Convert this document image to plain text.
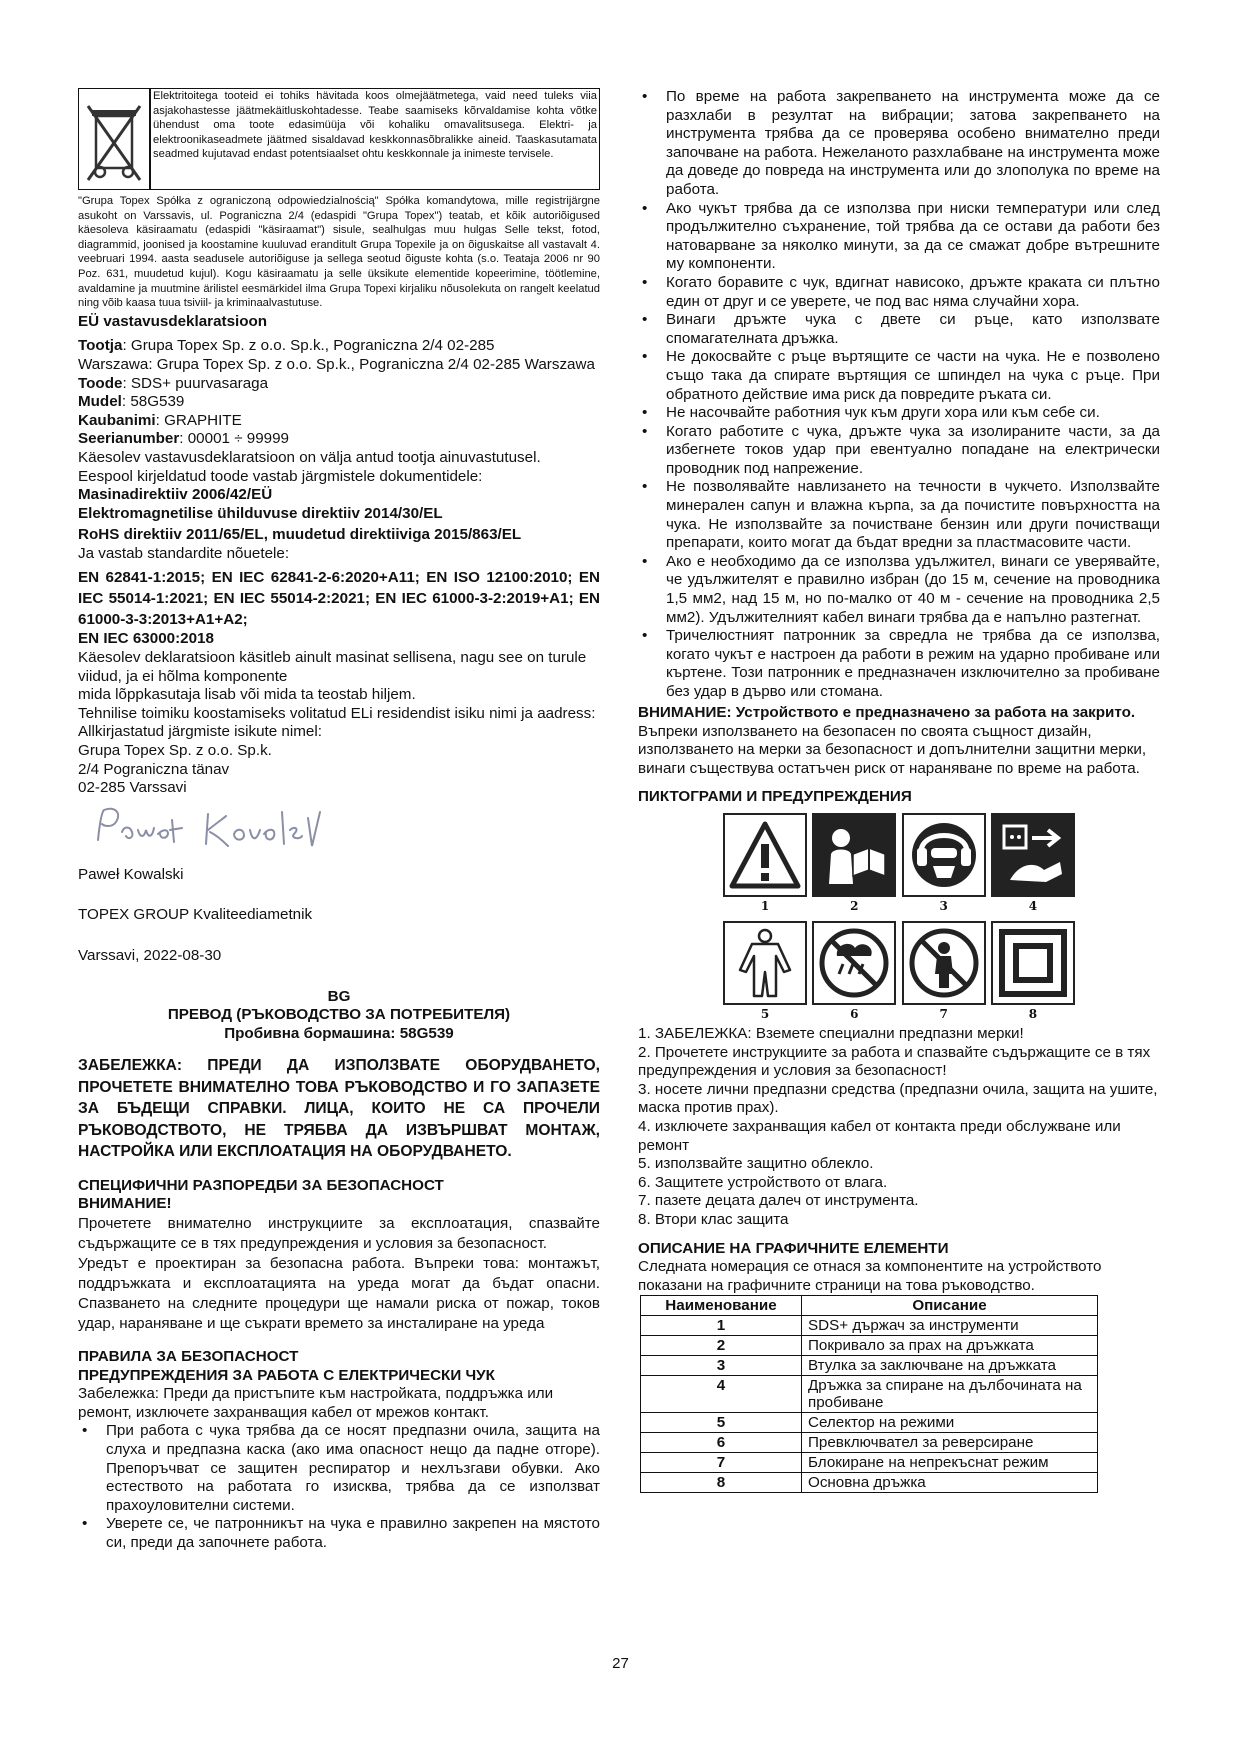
Elektritoitega tooteid ei tohiks hävitada koos olmejäätmetega, vaid need tuleks viia asjakohastesse jäätmekäitluskohtadesse. Teabe saamiseks kõrvaldamise kohta võtke ühendust oma toote edasimüüja või kohaliku omavalitsusega. Elektri- ja elektroonikaseadmete jäätmed sisaldavad keskkonnasõbralikke aineid. Taaskasutamata seadmed kujutavad endast potentsiaalset ohtu keskkonnale ja inimeste tervisele.

"Grupa Topex Spółka z ograniczoną odpowiedzialnością" Spółka komandytowa, mille registrijärgne asukoht on Varssavis, ul. Pograniczna 2/4 (edaspidi "Grupa Topex") teatab, et kõik autoriõigused käesoleva käsiraamatu (edaspidi "käsiraamat") sisule, sealhulgas muu hulgas Selle tekst, fotod, diagrammid, joonised ja koostamine kuuluvad eranditult Grupa Topexile ja on õiguskaitse all vastavalt 4. veebruari 1994. aasta seadusele autoriõiguse ja sellega seotud õiguste kohta (s.o. Teataja 2006 nr 90 Poz. 631, muudetud kujul). Kogu käsiraamatu ja selle üksikute elementide kopeerimine, töötlemine, avaldamine ja muutmine ärilistel eesmärkidel ilma Grupa Topexi kirjaliku nõusolekuta on rangelt keelatud ning võib kaasa tuua tsiviil- ja kriminaalvastutuse.

EÜ vastavusdeklaratsioon

Tootja: Grupa Topex Sp. z o.o. Sp.k., Pograniczna 2/4 02-285

Warszawa: Grupa Topex Sp. z o.o. Sp.k., Pograniczna 2/4 02-285 Warszawa

Toode: SDS+ puurvasaraga

Mudel: 58G539

Kaubanimi: GRAPHITE

Seerianumber: 00001 ÷ 99999

Käesolev vastavusdeklaratsioon on välja antud tootja ainuvastutusel.

Eespool kirjeldatud toode vastab järgmistele dokumentidele:

Masinadirektiiv 2006/42/EÜ

Elektromagnetilise ühilduvuse direktiiv 2014/30/EL

RoHS direktiiv 2011/65/EL, muudetud direktiiviga 2015/863/EL

Ja vastab standardite nõuetele:

EN 62841-1:2015; EN IEC 62841-2-6:2020+A11; EN ISO 12100:2010; EN IEC 55014-1:2021; EN IEC 55014-2:2021; EN IEC 61000-3-2:2019+A1; EN 61000-3-3:2013+A1+A2;

EN IEC 63000:2018

Käesolev deklaratsioon käsitleb ainult masinat sellisena, nagu see on turule viidud, ja ei hõlma komponente

mida lõppkasutaja lisab või mida ta teostab hiljem.

Tehnilise toimiku koostamiseks volitatud ELi residendist isiku nimi ja aadress:

Allkirjastatud järgmiste isikute nimel:

Grupa Topex Sp. z o.o. Sp.k.

2/4 Pograniczna tänav

02-285 Varssavi

Paweł Kowalski

TOPEX GROUP Kvaliteediametnik

Varssavi, 2022-08-30

BG

ПРЕВОД (РЪКОВОДСТВО ЗА ПОТРЕБИТЕЛЯ)

Пробивна бормашина: 58G539

ЗАБЕЛЕЖКА: ПРЕДИ ДА ИЗПОЛЗВАТЕ ОБОРУДВАНЕТО, ПРОЧЕТЕТЕ ВНИМАТЕЛНО ТОВА РЪКОВОДСТВО И ГО ЗАПАЗЕТЕ ЗА БЪДЕЩИ СПРАВКИ. ЛИЦА, КОИТО НЕ СА ПРОЧЕЛИ РЪКОВОДСТВОТО, НЕ ТРЯБВА ДА ИЗВЪРШВАТ МОНТАЖ, НАСТРОЙКА ИЛИ ЕКСПЛОАТАЦИЯ НА ОБОРУДВАНЕТО.

СПЕЦИФИЧНИ РАЗПОРЕДБИ ЗА БЕЗОПАСНОСТ

ВНИМАНИЕ!

Прочетете внимателно инструкциите за експлоатация, спазвайте съдържащите се в тях предупреждения и условия за безопасност.

Уредът е проектиран за безопасна работа. Въпреки това: монтажът, поддръжката и експлоатацията на уреда могат да бъдат опасни. Спазването на следните процедури ще намали риска от пожар, токов удар, нараняване и ще съкрати времето за инсталиране на уреда

ПРАВИЛА ЗА БЕЗОПАСНОСТ

ПРЕДУПРЕЖДЕНИЯ ЗА РАБОТА С ЕЛЕКТРИЧЕСКИ ЧУК

Забележка: Преди да пристъпите към настройката, поддръжка или ремонт, изключете захранващия кабел от мрежов контакт.

• При работа с чука трябва да се носят предпазни очила, защита на слуха и предпазна каска (ако има опасност нещо да падне отгоре). Препоръчват се защитен респиратор и нехлъзгави обувки. Ако естеството на работата го изисква, трябва да се използват прахоуловителни системи.
• Уверете се, че патронникът на чука е правилно закрепен на мястото си, преди да започнете работа.
• По време на работа закрепването на инструмента може да се разхлаби в резултат на вибрации; затова закрепването на инструмента трябва да се проверява особено внимателно преди започване на работа. Нежеланото разхлабване на инструмента може да доведе до повреда на инструмента или до злополука по време на работа.
• Ако чукът трябва да се използва при ниски температури или след продължително съхранение, той трябва да се остави да работи без натоварване за няколко минути, за да се смажат добре вътрешните му компоненти.
• Когато боравите с чук, вдигнат нависоко, дръжте краката си плътно един от друг и се уверете, че под вас няма случайни хора.
• Винаги дръжте чука с двете си ръце, като използвате спомагателната дръжка.
• Не докосвайте с ръце въртящите се части на чука. Не е позволено също така да спирате въртящия се шпиндел на чука с ръце. При обратното действие има риск да повредите ръката си.
• Не насочвайте работния чук към други хора или към себе си.
• Когато работите с чука, дръжте чука за изолираните части, за да избегнете токов удар при евентуално попадане на електрически проводник под напрежение.
• Не позволявайте навлизането на течности в чукчето. Използвайте минерален сапун и влажна кърпа, за да почистите повърхността на чука. Не използвайте за почистване бензин или други почистващи препарати, които могат да бъдат вредни за пластмасовите части.
• Ако е необходимо да се използва удължител, винаги се уверявайте, че удължителят е правилно избран (до 15 м, сечение на проводника 1,5 мм2, над 15 м, но по-малко от 40 м - сечение на проводника 2,5 мм2). Удължителният кабел винаги трябва да е напълно разтегнат.
• Тричелюстният патронник за свредла не трябва да се използва, когато чукът е настроен да работи в режим на ударно пробиване или къртене. Този патронник е предназначен изключително за пробиване без удар в дърво или стомана.

ВНИМАНИЕ: Устройството е предназначено за работа на закрито.

Въпреки използването на безопасен по своята същност дизайн, използването на мерки за безопасност и допълнителни защитни мерки, винаги съществува остатъчен риск от нараняване по време на работа.

ПИКТОГРАМИ И ПРЕДУПРЕЖДЕНИЯ

1	2	3	4
5	6	7	8

1. ЗАБЕЛЕЖКА: Вземете специални предпазни мерки!

2. Прочетете инструкциите за работа и спазвайте съдържащите се в тях предупреждения и условия за безопасност!

3. носете лични предпазни средства (предпазни очила, защита на ушите, маска против прах).

4. изключете захранващия кабел от контакта преди обслужване или ремонт

5. използвайте защитно облекло.

6. Защитете устройството от влага.

7. пазете децата далеч от инструмента.

8. Втори клас защита

ОПИСАНИЕ НА ГРАФИЧНИТЕ ЕЛЕМЕНТИ

Следната номерация се отнася за компонентите на устройството показани на графичните страници на това ръководство.

Наименование	Описание
1	SDS+ държач за инструменти
2	Покривало за прах на дръжката
3	Втулка за заключване на дръжката
4	Дръжка за спиране на дълбочината на пробиване
5	Селектор на режими
6	Превключвател за реверсиране
7	Блокиране на непрекъснат режим
8	Основна дръжка
27
